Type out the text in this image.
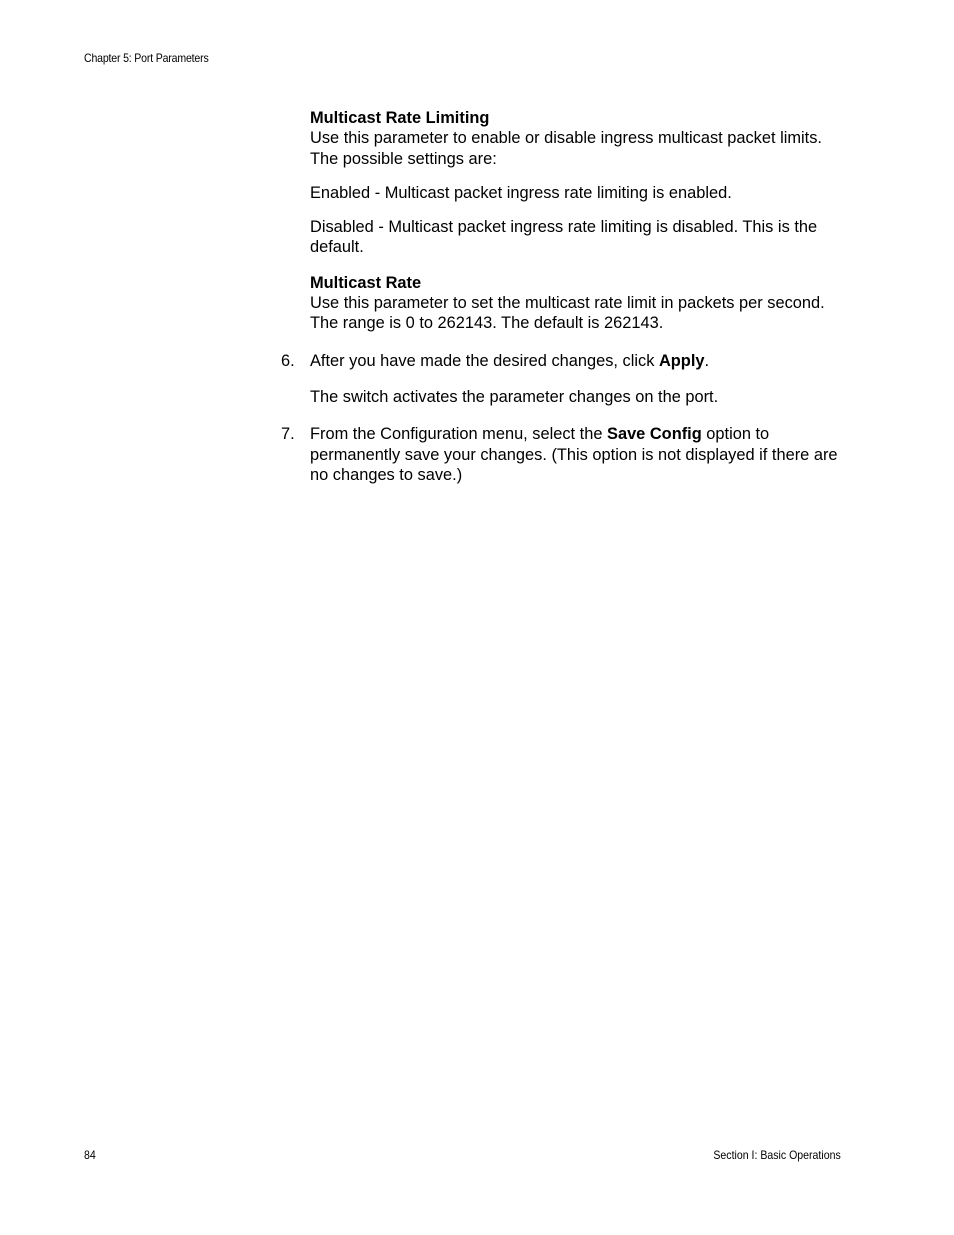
Chapter 5: Port Parameters
Multicast Rate Limiting

Use this parameter to enable or disable ingress multicast packet limits. The possible settings are:

Enabled - Multicast packet ingress rate limiting is enabled.

Disabled - Multicast packet ingress rate limiting is disabled. This is the default.

Multicast Rate

Use this parameter to set the multicast rate limit in packets per second. The range is 0 to 262143. The default is 262143.

6. After you have made the desired changes, click Apply.

The switch activates the parameter changes on the port.

7. From the Configuration menu, select the Save Config option to permanently save your changes. (This option is not displayed if there are no changes to save.)

84	Section I: Basic Operations
